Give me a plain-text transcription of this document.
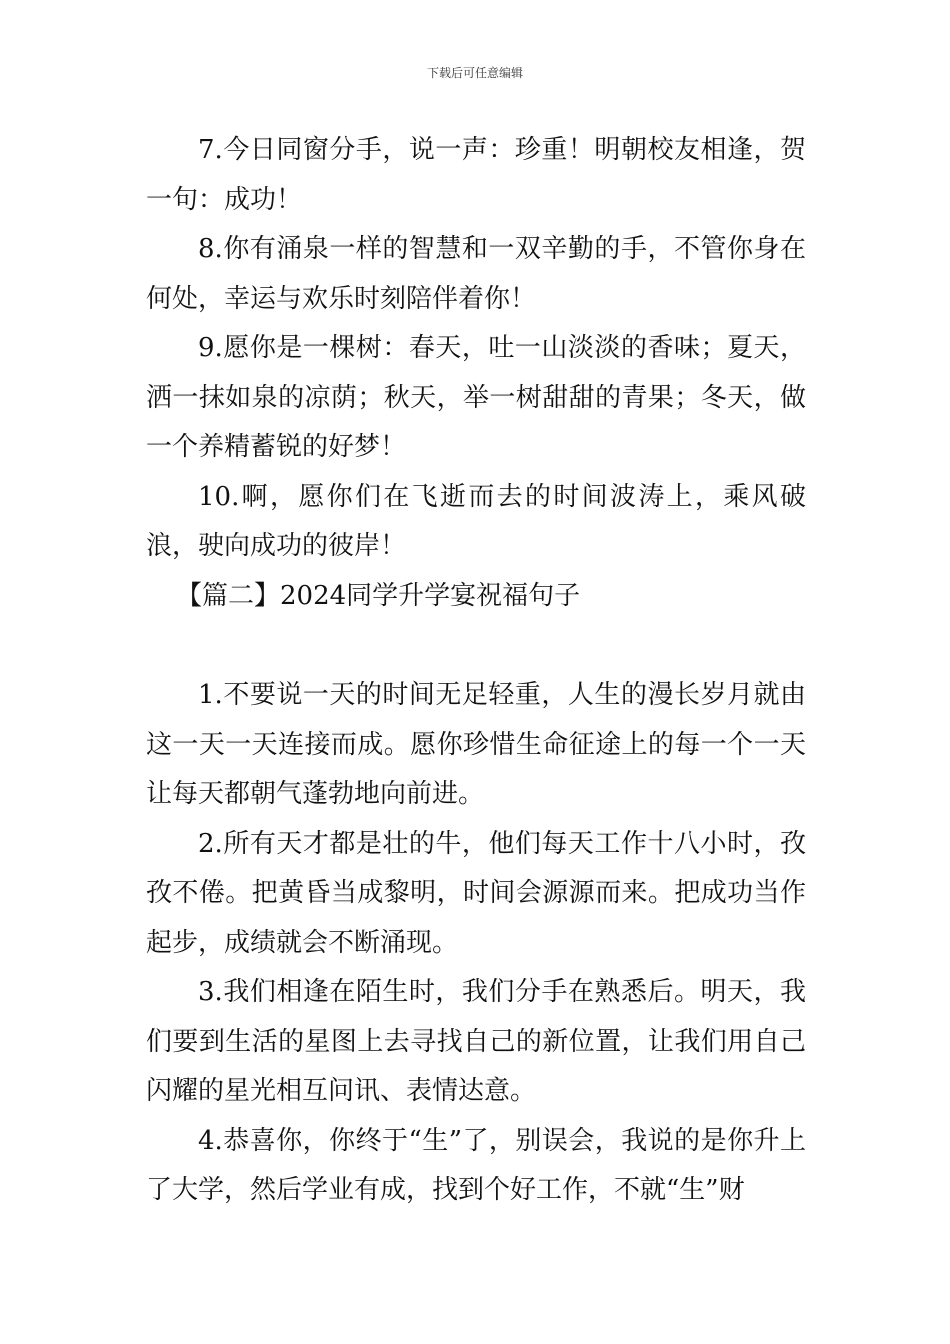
下载后可任意编辑

7.今日同窗分手，说一声：珍重！明朝校友相逢，贺一句：成功！

8.你有涌泉一样的智慧和一双辛勤的手，不管你身在何处，幸运与欢乐时刻陪伴着你！

9.愿你是一棵树：春天，吐一山淡淡的香味；夏天，洒一抹如泉的凉荫；秋天，举一树甜甜的青果；冬天，做一个养精蓄锐的好梦！

10.啊，愿你们在飞逝而去的时间波涛上，乘风破浪，驶向成功的彼岸！

【篇二】2024同学升学宴祝福句子

1.不要说一天的时间无足轻重，人生的漫长岁月就由这一天一天连接而成。愿你珍惜生命征途上的每一个一天让每天都朝气蓬勃地向前进。

2.所有天才都是壮的牛，他们每天工作十八小时，孜孜不倦。把黄昏当成黎明，时间会源源而来。把成功当作起步，成绩就会不断涌现。

3.我们相逢在陌生时，我们分手在熟悉后。明天，我们要到生活的星图上去寻找自己的新位置，让我们用自己闪耀的星光相互问讯、表情达意。

4.恭喜你，你终于“生”了，别误会，我说的是你升上了大学，然后学业有成，找到个好工作，不就“生”财
